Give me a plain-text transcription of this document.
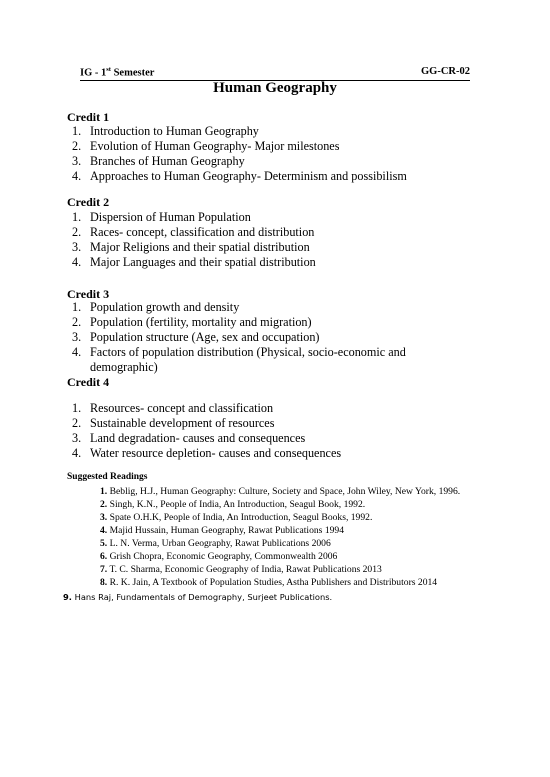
IG - 1st Semester	GG-CR-02
Human Geography
Credit 1
1. Introduction to Human Geography
2. Evolution of Human Geography- Major milestones
3. Branches of Human Geography
4. Approaches to Human Geography- Determinism and possibilism
Credit 2
1. Dispersion of Human Population
2. Races- concept, classification and distribution
3. Major Religions and their spatial distribution
4. Major Languages and their spatial distribution
Credit 3
1. Population growth and density
2. Population (fertility, mortality and migration)
3. Population structure (Age, sex and occupation)
4. Factors of population distribution (Physical, socio-economic and demographic)
Credit 4
1. Resources- concept and classification
2. Sustainable development of resources
3. Land degradation- causes and consequences
4. Water resource depletion- causes and consequences
Suggested Readings
1. Beblig, H.J., Human Geography: Culture, Society and Space, John Wiley, New York, 1996.
2. Singh, K.N., People of India, An Introduction, Seagul Book, 1992.
3. Spate O.H.K, People of India, An Introduction, Seagul Books, 1992.
4. Majid Hussain, Human Geography, Rawat Publications 1994
5. L. N. Verma, Urban Geography, Rawat Publications 2006
6. Grish Chopra, Economic Geography, Commonwealth 2006
7. T. C. Sharma, Economic Geography of India, Rawat Publications 2013
8. R. K. Jain, A Textbook of Population Studies, Astha Publishers and Distributors 2014
9. Hans Raj, Fundamentals of Demography, Surjeet Publications.
